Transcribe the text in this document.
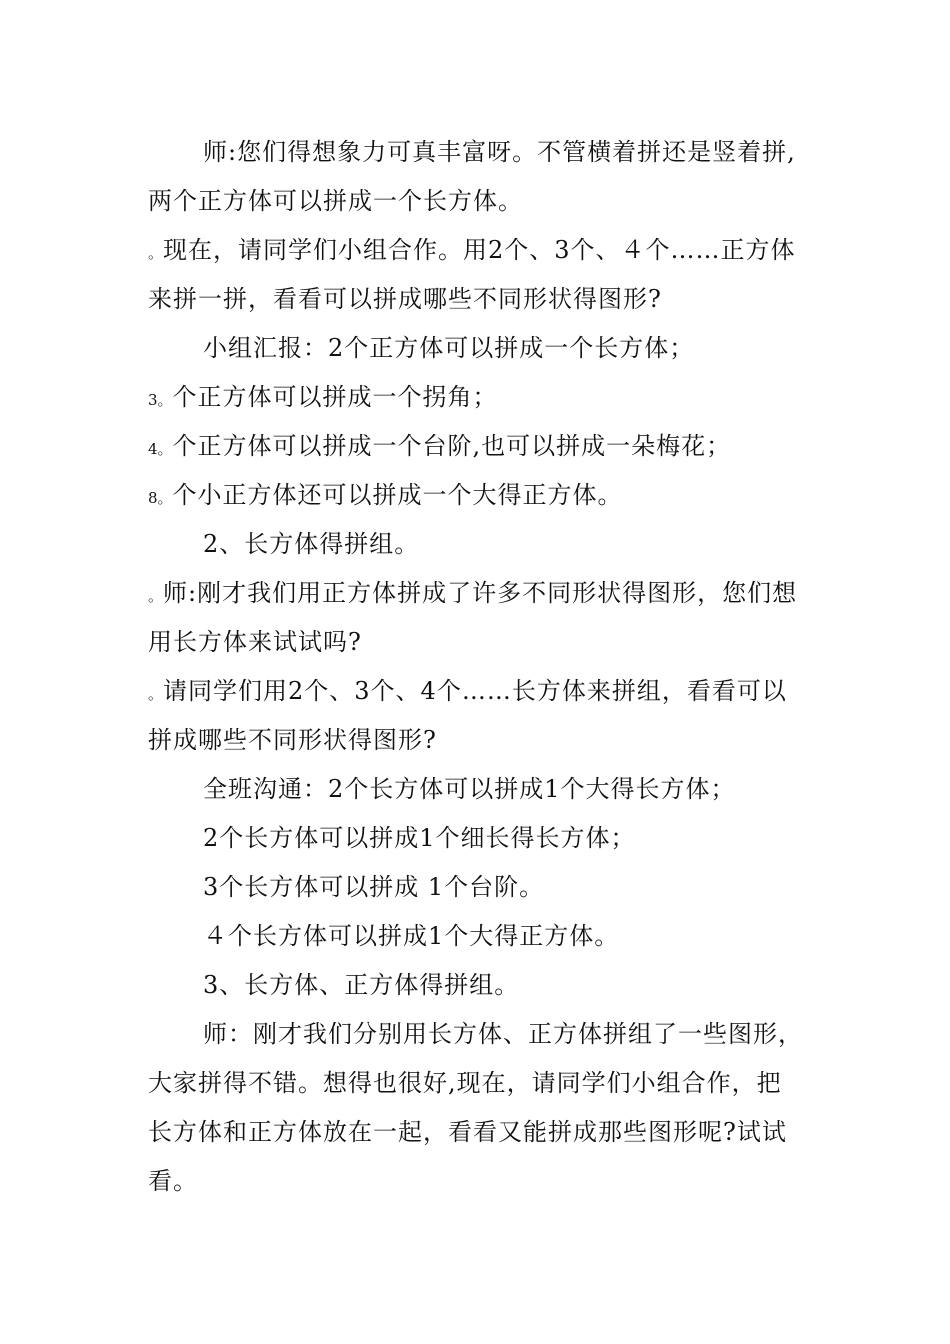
师:您们得想象力可真丰富呀。不管横着拼还是竖着拼,
两个正方体可以拼成一个长方体。
。现在，请同学们小组合作。用2个、3个、４个……正方体
来拼一拼，看看可以拼成哪些不同形状得图形?
小组汇报：2个正方体可以拼成一个长方体；
3。个正方体可以拼成一个拐角；
4。个正方体可以拼成一个台阶,也可以拼成一朵梅花；
8。个小正方体还可以拼成一个大得正方体。
2、长方体得拼组。
。师:刚才我们用正方体拼成了许多不同形状得图形，您们想
用长方体来试试吗?
。请同学们用2个、3个、4个……长方体来拼组，看看可以
拼成哪些不同形状得图形?
全班沟通：2个长方体可以拼成1个大得长方体；
2个长方体可以拼成1个细长得长方体；
3个长方体可以拼成 1个台阶。
４个长方体可以拼成1个大得正方体。
3、长方体、正方体得拼组。
师：刚才我们分别用长方体、正方体拼组了一些图形，
大家拼得不错。想得也很好,现在，请同学们小组合作，把
长方体和正方体放在一起，看看又能拼成那些图形呢?试试
看。
